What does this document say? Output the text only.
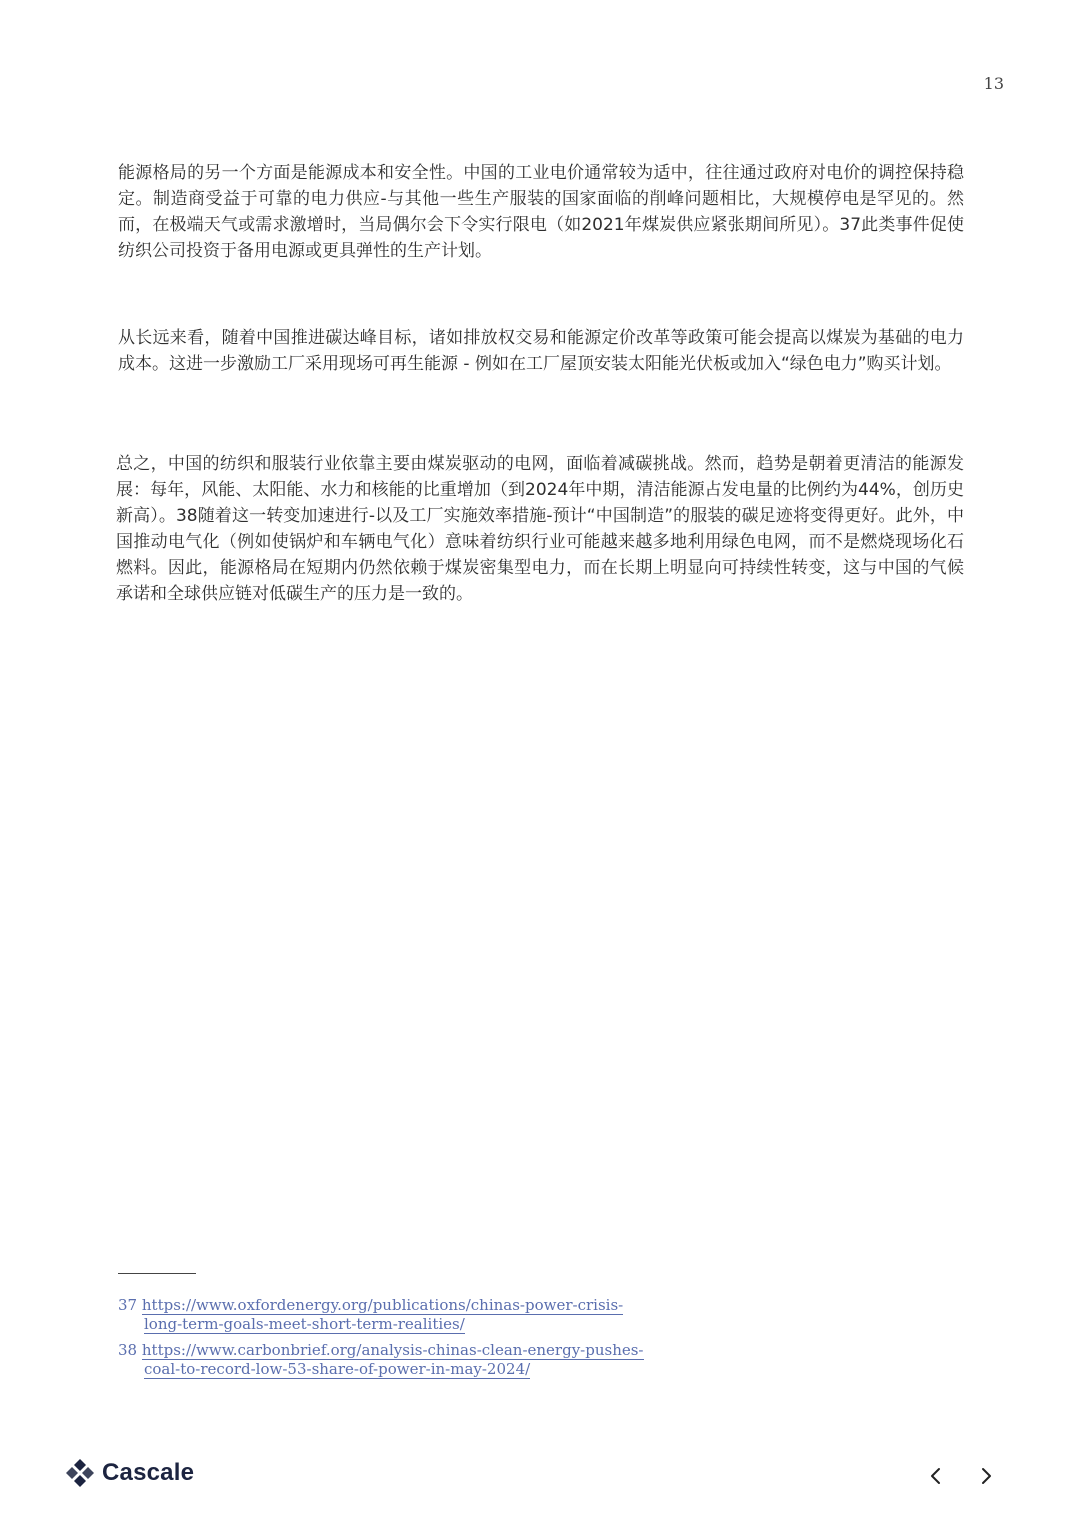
13

能源格局的另一个方面是能源成本和安全性。中国的工业电价通常较为适中，往往通过政府对电价的调控保持稳定。制造商受益于可靠的电力供应-与其他一些生产服装的国家面临的削峰问题相比，大规模停电是罕见的。然而，在极端天气或需求激增时，当局偶尔会下令实行限电（如2021年煤炭供应紧张期间所见）。37此类事件促使纺织公司投资于备用电源或更具弹性的生产计划。

从长远来看，随着中国推进碳达峰目标，诸如排放权交易和能源定价改革等政策可能会提高以煤炭为基础的电力成本。这进一步激励工厂采用现场可再生能源 - 例如在工厂屋顶安装太阳能光伏板或加入“绿色电力”购买计划。

总之，中国的纺织和服装行业依靠主要由煤炭驱动的电网，面临着减碳挑战。然而，趋势是朝着更清洁的能源发展：每年，风能、太阳能、水力和核能的比重增加（到2024年中期，清洁能源占发电量的比例约为44%，创历史新高）。38随着这一转变加速进行-以及工厂实施效率措施-预计“中国制造”的服装的碳足迹将变得更好。此外，中国推动电气化（例如使锅炉和车辆电气化）意味着纺织行业可能越来越多地利用绿色电网，而不是燃烧现场化石燃料。因此，能源格局在短期内仍然依赖于煤炭密集型电力，而在长期上明显向可持续性转变，这与中国的气候承诺和全球供应链对低碳生产的压力是一致的。

37 https://www.oxfordenergy.org/publications/chinas-power-crisis-
long-term-goals-meet-short-term-realities/
38 https://www.carbonbrief.org/analysis-chinas-clean-energy-pushes-
coal-to-record-low-53-share-of-power-in-may-2024/
Cascale
